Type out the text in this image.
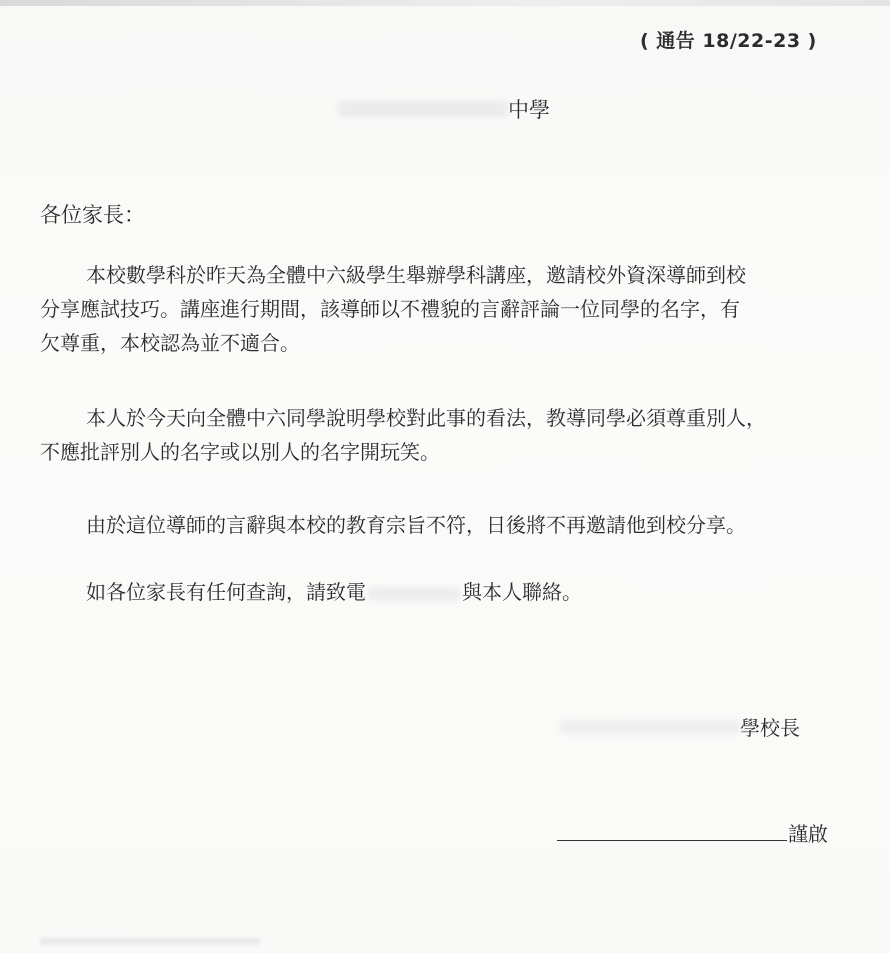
( 通告 18/22-23 )
中學
各位家長：
本校數學科於昨天為全體中六級學生舉辦學科講座，邀請校外資深導師到校
分享應試技巧。講座進行期間，該導師以不禮貌的言辭評論一位同學的名字，有
欠尊重，本校認為並不適合。
本人於今天向全體中六同學說明學校對此事的看法，教導同學必須尊重別人，
不應批評別人的名字或以別人的名字開玩笑。
由於這位導師的言辭與本校的教育宗旨不符，日後將不再邀請他到校分享。
如各位家長有任何查詢，請致電	與本人聯絡。
學校長
謹啟
